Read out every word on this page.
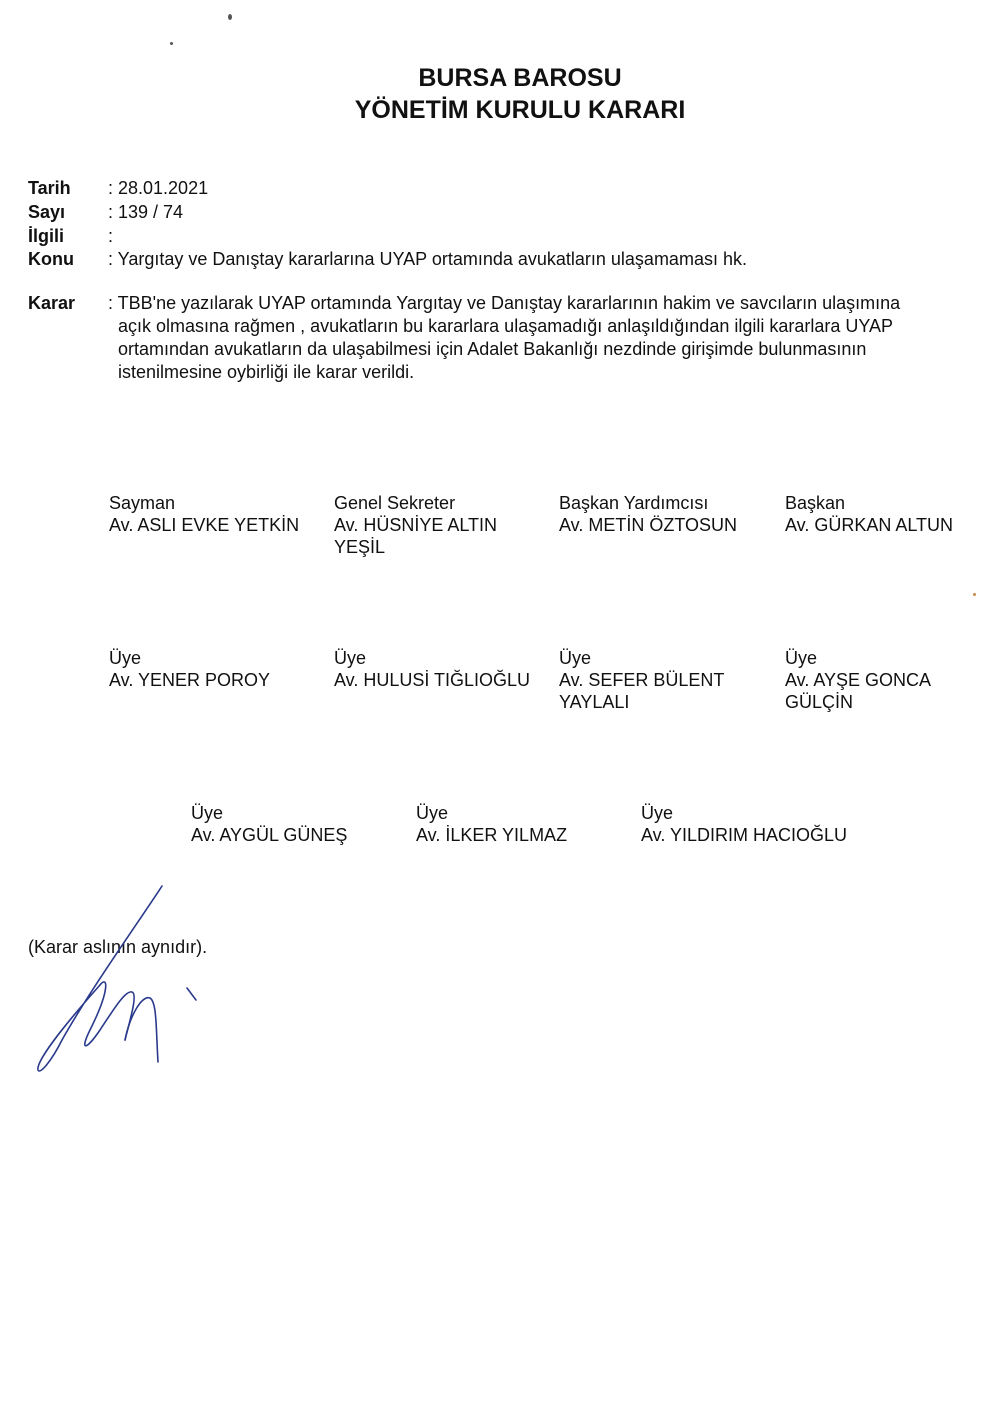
BURSA BAROSU
YÖNETİM KURULU KARARI
Tarih : 28.01.2021
Sayı : 139 / 74
İlgili :
Konu : Yargıtay ve Danıştay kararlarına UYAP ortamında avukatların ulaşamaması hk.
Karar : TBB'ne yazılarak UYAP ortamında Yargıtay ve Danıştay kararlarının hakim ve savcıların ulaşımına
açık olmasına rağmen , avukatların bu kararlara ulaşamadığı anlaşıldığından ilgili kararlara UYAP
ortamından avukatların da ulaşabilmesi için Adalet Bakanlığı nezdinde girişimde bulunmasının
istenilmesine oybirliği ile karar verildi.
Sayman
Av. ASLI EVKE YETKİN
Genel Sekreter
Av. HÜSNİYE ALTIN YEŞİL
Başkan Yardımcısı
Av. METİN ÖZTOSUN
Başkan
Av. GÜRKAN ALTUN
Üye
Av. YENER POROY
Üye
Av. HULUSİ TIĞLIOĞLU
Üye
Av. SEFER BÜLENT YAYLALI
Üye
Av. AYŞE GONCA GÜLÇİN
Üye
Av. AYGÜL GÜNEŞ
Üye
Av. İLKER YILMAZ
Üye
Av. YILDIRIM HACIOĞLU
(Karar aslının aynıdır).
